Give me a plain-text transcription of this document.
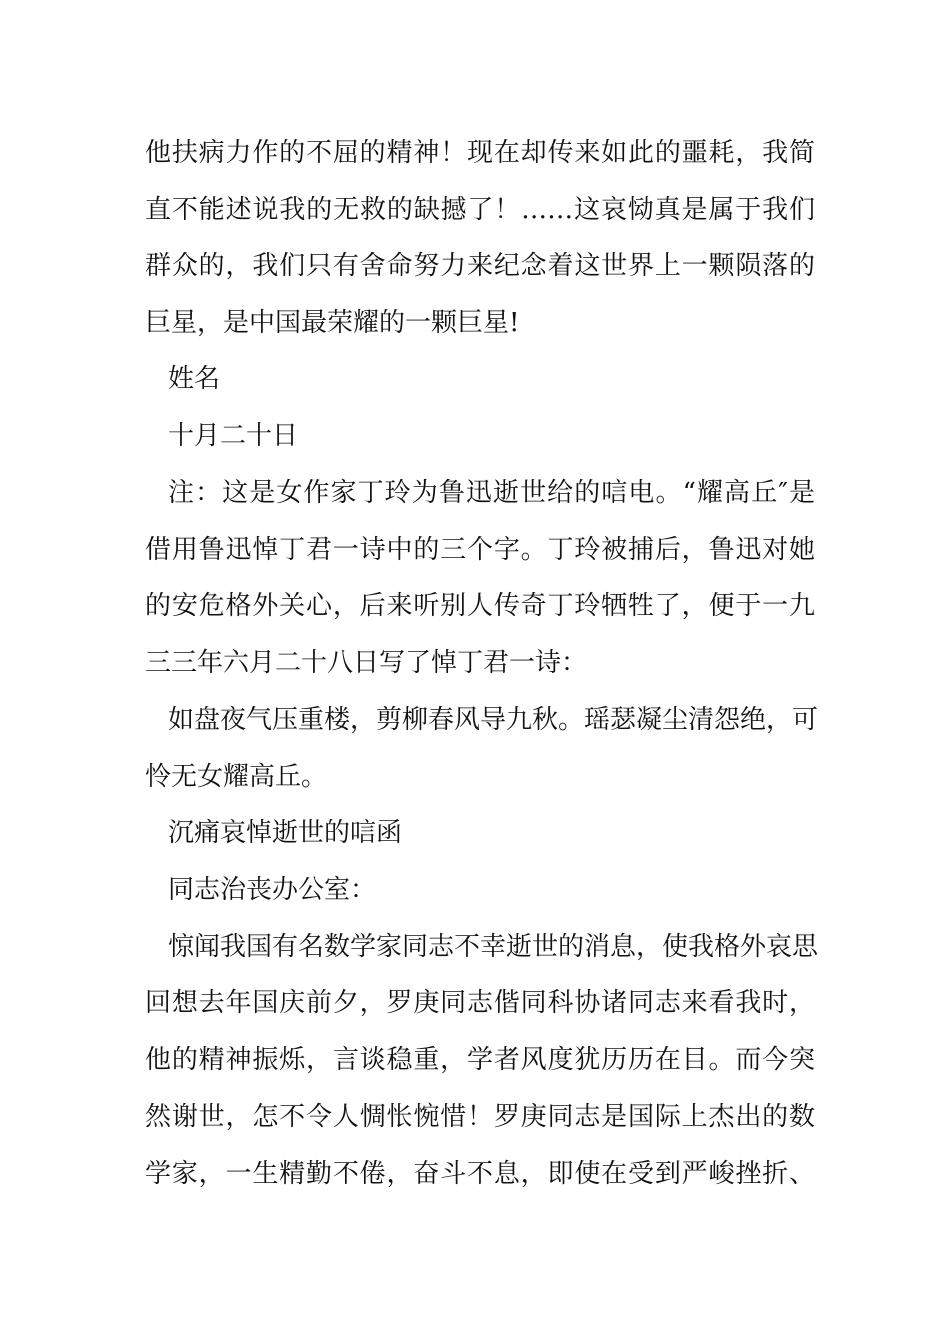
他扶病力作的不屈的精神！现在却传来如此的噩耗，我简
直不能述说我的无救的缺撼了！……这哀恸真是属于我们
群众的，我们只有舍命努力来纪念着这世界上一颗陨落的
巨星，是中国最荣耀的一颗巨星!
姓名
十月二十日
注：这是女作家丁玲为鲁迅逝世给的唁电。“耀高丘″是
借用鲁迅悼丁君一诗中的三个字。丁玲被捕后，鲁迅对她
的安危格外关心，后来听别人传奇丁玲牺牲了，便于一九
三三年六月二十八日写了悼丁君一诗：
如盘夜气压重楼，剪柳春风导九秋。瑶瑟凝尘清怨绝，可
怜无女耀高丘。
沉痛哀悼逝世的唁函
同志治丧办公室：
惊闻我国有名数学家同志不幸逝世的消息，使我格外哀思
回想去年国庆前夕，罗庚同志偕同科协诸同志来看我时，
他的精神振烁，言谈稳重，学者风度犹历历在目。而今突
然谢世，怎不令人惆怅惋惜！罗庚同志是国际上杰出的数
学家，一生精勤不倦，奋斗不息，即使在受到严峻挫折、
